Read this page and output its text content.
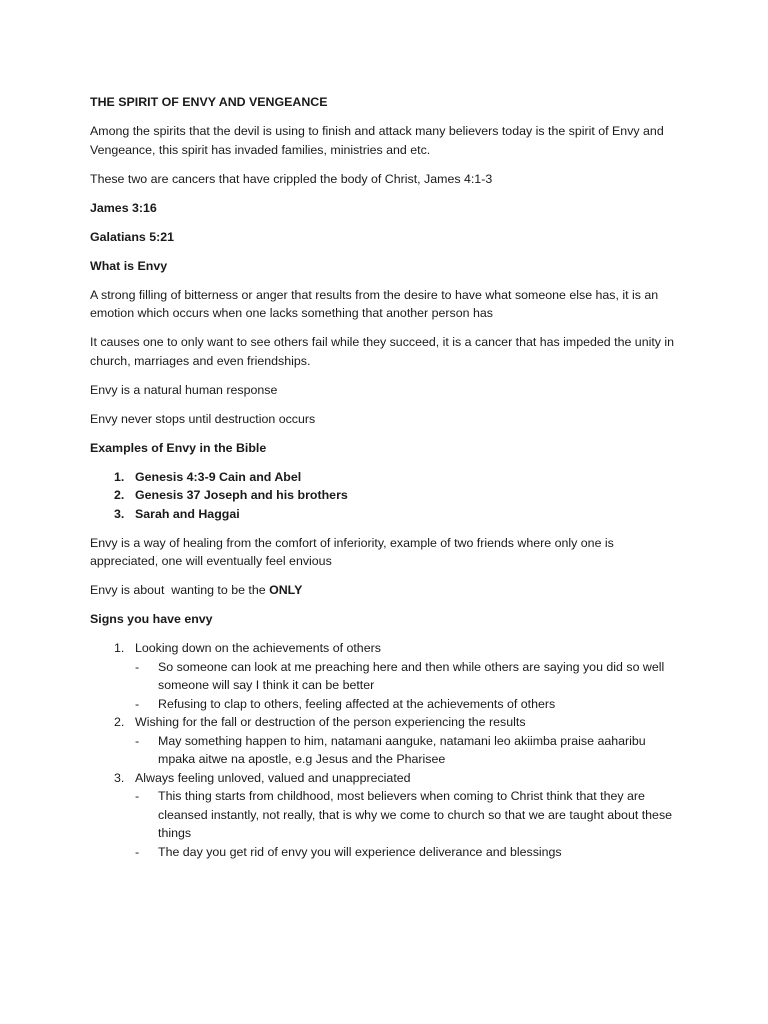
THE SPIRIT OF ENVY AND VENGEANCE

Among the spirits that the devil is using to finish and attack many believers today is the spirit of Envy and Vengeance, this spirit has invaded families, ministries and etc.

These two are cancers that have crippled the body of Christ, James 4:1-3

James 3:16

Galatians 5:21

What is Envy

A strong filling of bitterness or anger that results from the desire to have what someone else has, it is an emotion which occurs when one lacks something that another person has

It causes one to only want to see others fail while they succeed, it is a cancer that has impeded the unity in church, marriages and even friendships.

Envy is a natural human response

Envy never stops until destruction occurs

Examples of Envy in the Bible

1. Genesis 4:3-9 Cain and Abel
2. Genesis 37 Joseph and his brothers
3. Sarah and Haggai

Envy is a way of healing from the comfort of inferiority, example of two friends where only one is appreciated, one will eventually feel envious

Envy is about  wanting to be the ONLY

Signs you have envy

1. Looking down on the achievements of others
- So someone can look at me preaching here and then while others are saying you did so well someone will say I think it can be better
- Refusing to clap to others, feeling affected at the achievements of others
2. Wishing for the fall or destruction of the person experiencing the results
- May something happen to him, natamani aanguke, natamani leo akiimba praise aaharibu mpaka aitwe na apostle, e.g Jesus and the Pharisee
3. Always feeling unloved, valued and unappreciated
- This thing starts from childhood, most believers when coming to Christ think that they are cleansed instantly, not really, that is why we come to church so that we are taught about these things
- The day you get rid of envy you will experience deliverance and blessings
